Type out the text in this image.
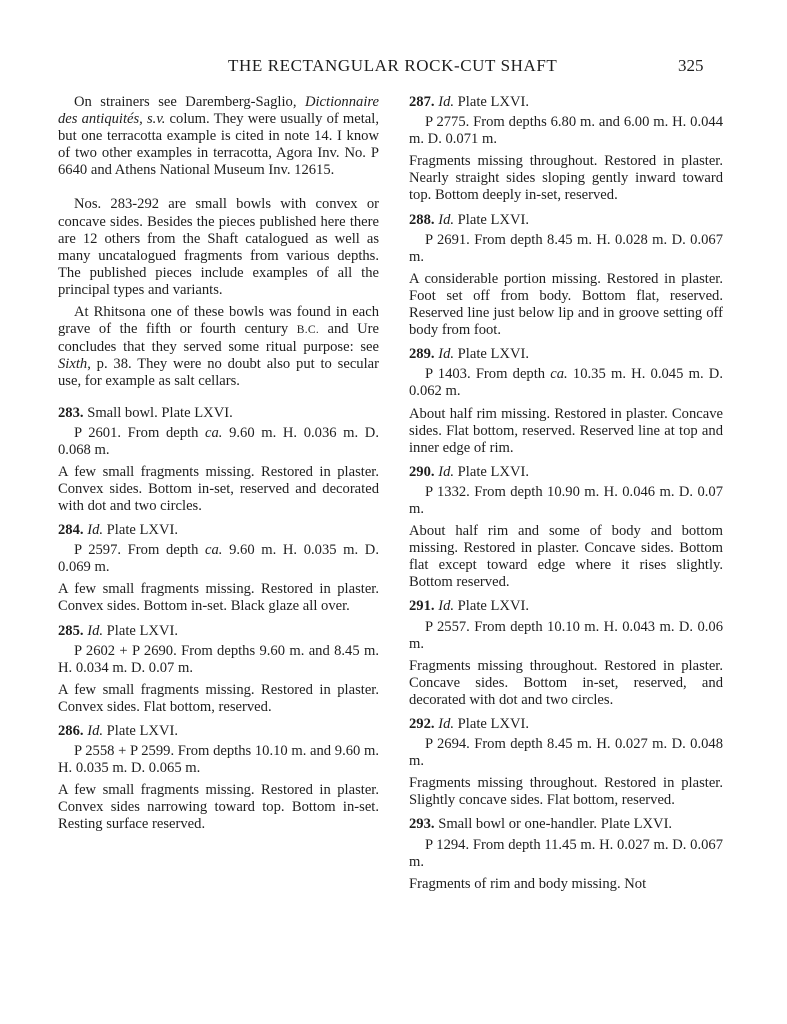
THE RECTANGULAR ROCK-CUT SHAFT	325

On strainers see Daremberg-Saglio, Dictionnaire des antiquités, s.v. colum. They were usually of metal, but one terracotta example is cited in note 14. I know of two other examples in terracotta, Agora Inv. No. P 6640 and Athens National Museum Inv. 12615.

Nos. 283-292 are small bowls with convex or concave sides. Besides the pieces published here there are 12 others from the Shaft catalogued as well as many uncatalogued fragments from various depths. The published pieces include examples of all the principal types and variants.

At Rhitsona one of these bowls was found in each grave of the fifth or fourth century B.C. and Ure concludes that they served some ritual purpose: see Sixth, p. 38. They were no doubt also put to secular use, for example as salt cellars.

283. Small bowl. Plate LXVI.

P 2601. From depth ca. 9.60 m. H. 0.036 m. D. 0.068 m.

A few small fragments missing. Restored in plaster. Convex sides. Bottom in-set, reserved and decorated with dot and two circles.

284. Id. Plate LXVI.

P 2597. From depth ca. 9.60 m. H. 0.035 m. D. 0.069 m.

A few small fragments missing. Restored in plaster. Convex sides. Bottom in-set. Black glaze all over.

285. Id. Plate LXVI.

P 2602 + P 2690. From depths 9.60 m. and 8.45 m. H. 0.034 m. D. 0.07 m.

A few small fragments missing. Restored in plaster. Convex sides. Flat bottom, reserved.

286. Id. Plate LXVI.

P 2558 + P 2599. From depths 10.10 m. and 9.60 m. H. 0.035 m. D. 0.065 m.

A few small fragments missing. Restored in plaster. Convex sides narrowing toward top. Bottom in-set. Resting surface reserved.

287. Id. Plate LXVI.

P 2775. From depths 6.80 m. and 6.00 m. H. 0.044 m. D. 0.071 m.

Fragments missing throughout. Restored in plaster. Nearly straight sides sloping gently inward toward top. Bottom deeply in-set, reserved.

288. Id. Plate LXVI.

P 2691. From depth 8.45 m. H. 0.028 m. D. 0.067 m.

A considerable portion missing. Restored in plaster. Foot set off from body. Bottom flat, reserved. Reserved line just below lip and in groove setting off body from foot.

289. Id. Plate LXVI.

P 1403. From depth ca. 10.35 m. H. 0.045 m. D. 0.062 m.

About half rim missing. Restored in plaster. Concave sides. Flat bottom, reserved. Reserved line at top and inner edge of rim.

290. Id. Plate LXVI.

P 1332. From depth 10.90 m. H. 0.046 m. D. 0.07 m.

About half rim and some of body and bottom missing. Restored in plaster. Concave sides. Bottom flat except toward edge where it rises slightly. Bottom reserved.

291. Id. Plate LXVI.

P 2557. From depth 10.10 m. H. 0.043 m. D. 0.06 m.

Fragments missing throughout. Restored in plaster. Concave sides. Bottom in-set, reserved, and decorated with dot and two circles.

292. Id. Plate LXVI.

P 2694. From depth 8.45 m. H. 0.027 m. D. 0.048 m.

Fragments missing throughout. Restored in plaster. Slightly concave sides. Flat bottom, reserved.

293. Small bowl or one-handler. Plate LXVI.

P 1294. From depth 11.45 m. H. 0.027 m. D. 0.067 m.

Fragments of rim and body missing. Not
